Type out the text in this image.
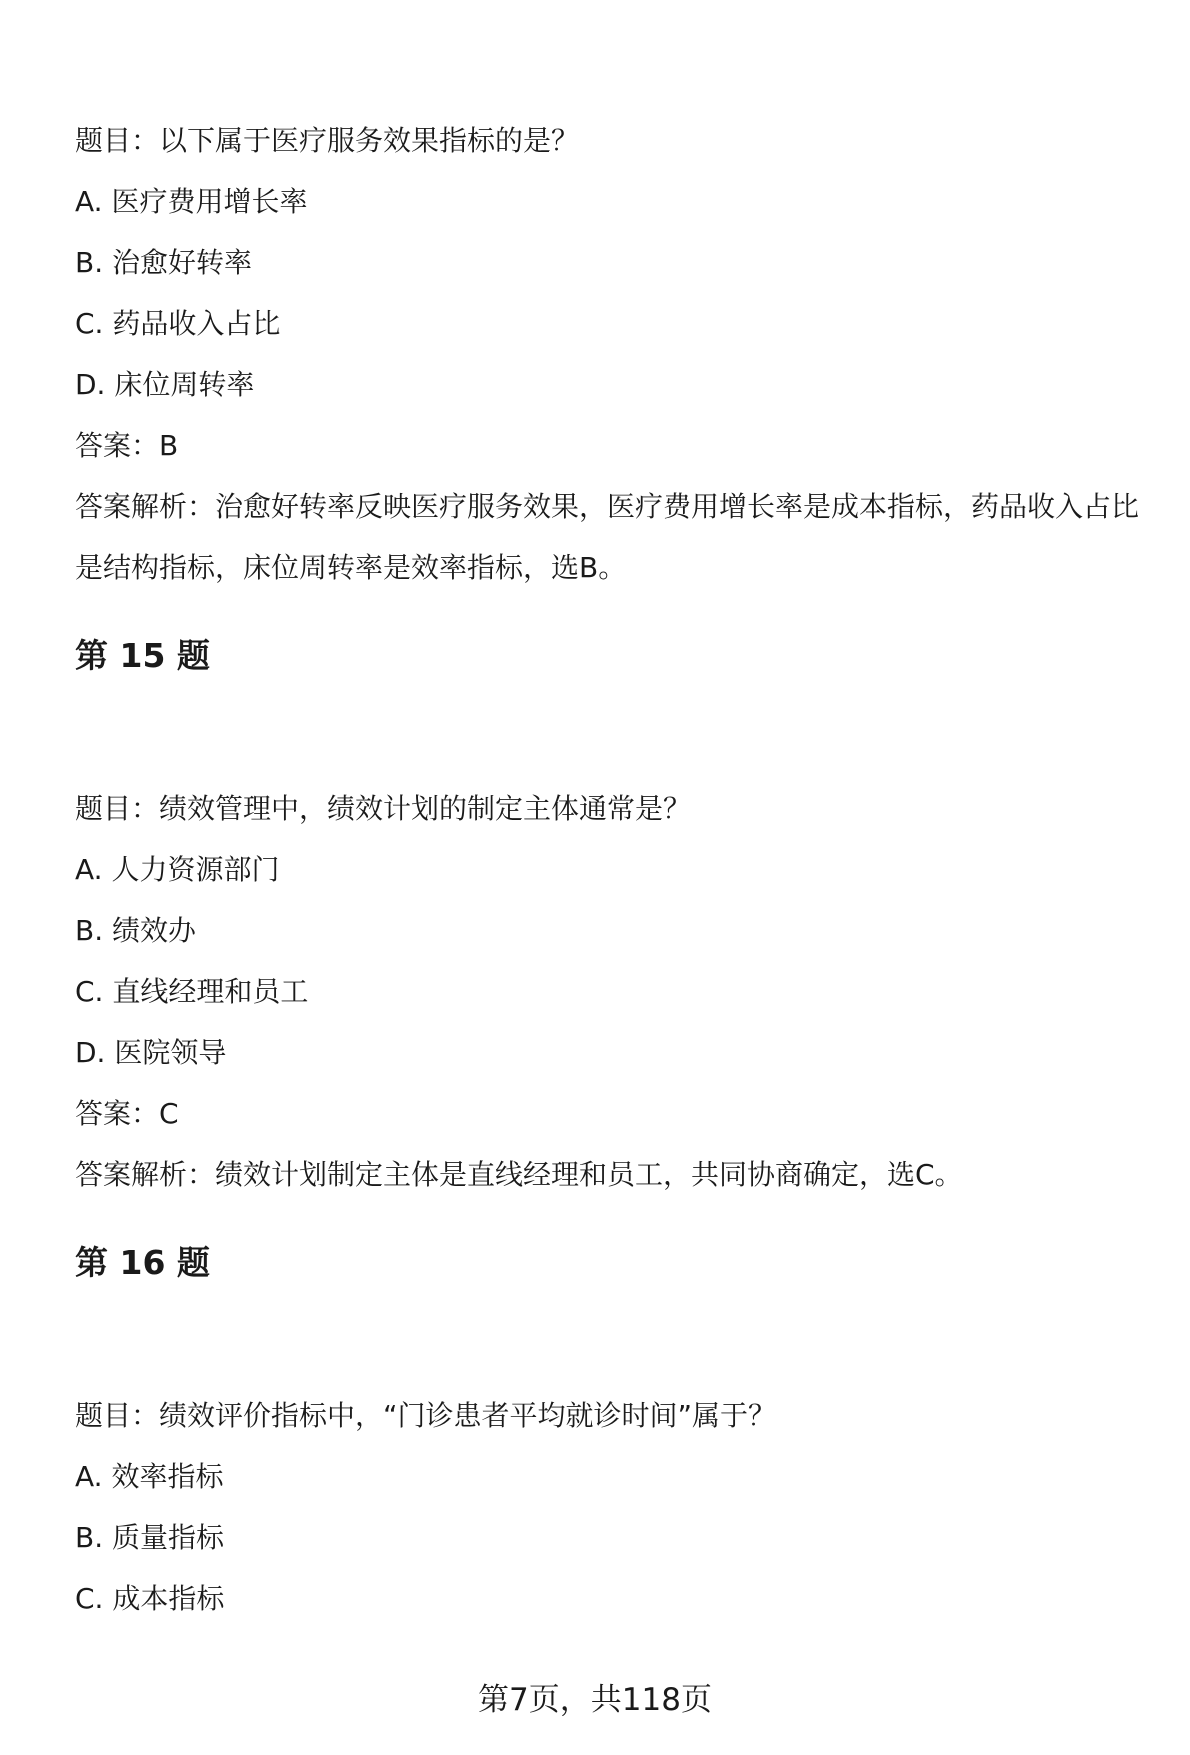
题目：以下属于医疗服务效果指标的是？
A. 医疗费用增长率
B. 治愈好转率
C. 药品收入占比
D. 床位周转率
答案：B
答案解析：治愈好转率反映医疗服务效果，医疗费用增长率是成本指标，药品收入占比是结构指标，床位周转率是效率指标，选B。
第 15 题
题目：绩效管理中，绩效计划的制定主体通常是？
A. 人力资源部门
B. 绩效办
C. 直线经理和员工
D. 医院领导
答案：C
答案解析：绩效计划制定主体是直线经理和员工，共同协商确定，选C。
第 16 题
题目：绩效评价指标中，“门诊患者平均就诊时间”属于？
A. 效率指标
B. 质量指标
C. 成本指标
第7页，共118页
